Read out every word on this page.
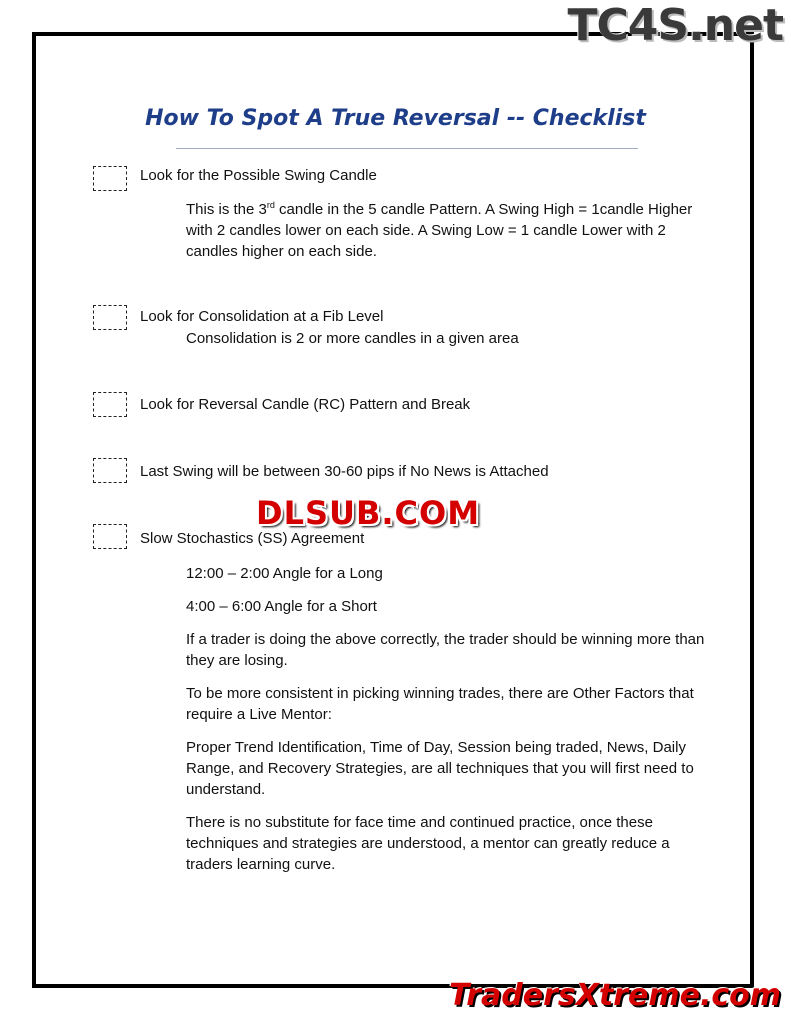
TC4S.net
How To Spot A True Reversal -- Checklist
Look for the Possible Swing Candle
This is the 3rd candle in the 5 candle Pattern. A Swing High = 1candle Higher with 2 candles lower on each side. A Swing Low = 1 candle Lower with 2 candles higher on each side.
Look for Consolidation at a Fib Level
Consolidation is 2 or more candles in a given area
Look for Reversal Candle (RC) Pattern and Break
Last Swing will be between 30-60 pips if No News is Attached
DLSUB.COM
Slow Stochastics (SS) Agreement
12:00 – 2:00 Angle for a Long
4:00 – 6:00 Angle for a Short
If a trader is doing the above correctly, the trader should be winning more than they are losing.
To be more consistent in picking winning trades, there are Other Factors that require a Live Mentor:
Proper Trend Identification, Time of Day, Session being traded, News, Daily Range, and Recovery Strategies, are all techniques that you will first need to understand.
There is no substitute for face time and continued practice, once these techniques and strategies are understood, a mentor can greatly reduce a traders learning curve.
TradersXtreme.com
